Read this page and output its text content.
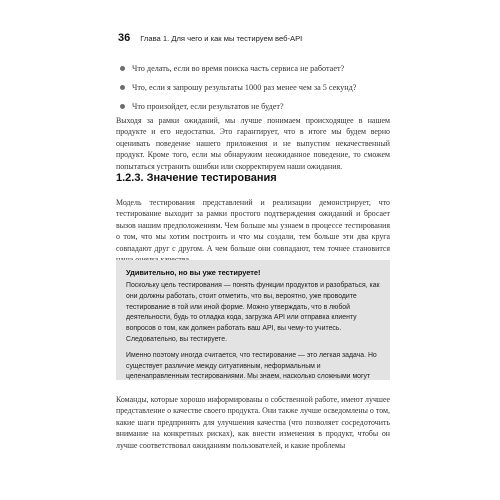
36 Глава 1. Для чего и как мы тестируем веб-API
Что делать, если во время поиска часть сервиса не работает?
Что, если я запрошу результаты 1000 раз менее чем за 5 секунд?
Что произойдет, если результатов не будет?

Выходя за рамки ожиданий, мы лучше понимаем происходящее в нашем продукте и его недостатки. Это гарантирует, что в итоге мы будем верно оценивать поведение нашего приложения и не выпустим некачественный продукт. Кроме того, если мы обнаружим неожиданное поведение, то сможем попытаться устранить ошибки или скорректируем наши ожидания.

1.2.3. Значение тестирования

Модель тестирования представлений и реализации демонстрирует, что тестирование выходит за рамки простого подтверждения ожиданий и бросает вызов нашим предположениям. Чем больше мы узнаем в процессе тестирования о том, что мы хотим построить и что мы создали, тем больше эти два круга совпадают друг с другом. А чем больше они совпадают, тем точнее становится

Удивительно, но вы уже тестируете!

Поскольку цель тестирования — понять функции продуктов и разобраться, как они должны работать, стоит отметить, что вы, вероятно, уже проводите тестирование в той или иной форме. Можно утверждать, что в любой деятельности, будь то отладка кода, загрузка API или отправка клиенту вопросов о том, как должен работать ваш API, вы чему-то учитесь. Следовательно, вы тестируете.

Именно поэтому иногда считается, что тестирование — это легкая задача. Но существует различие между ситуативным, неформальным и целенаправленным тестированиями. Мы знаем, насколько сложными могут

Команды, которые хорошо информированы о собственной работе, имеют лучшее представление о качестве своего продукта. Они также лучше осведомлены о том, какие шаги предпринять для улучшения качества (что позволяет сосредоточить внимание на конкретных рисках), как внести изменения в продукт, чтобы он лучше соответствовал ожиданиям пользователей, и какие проблемы
